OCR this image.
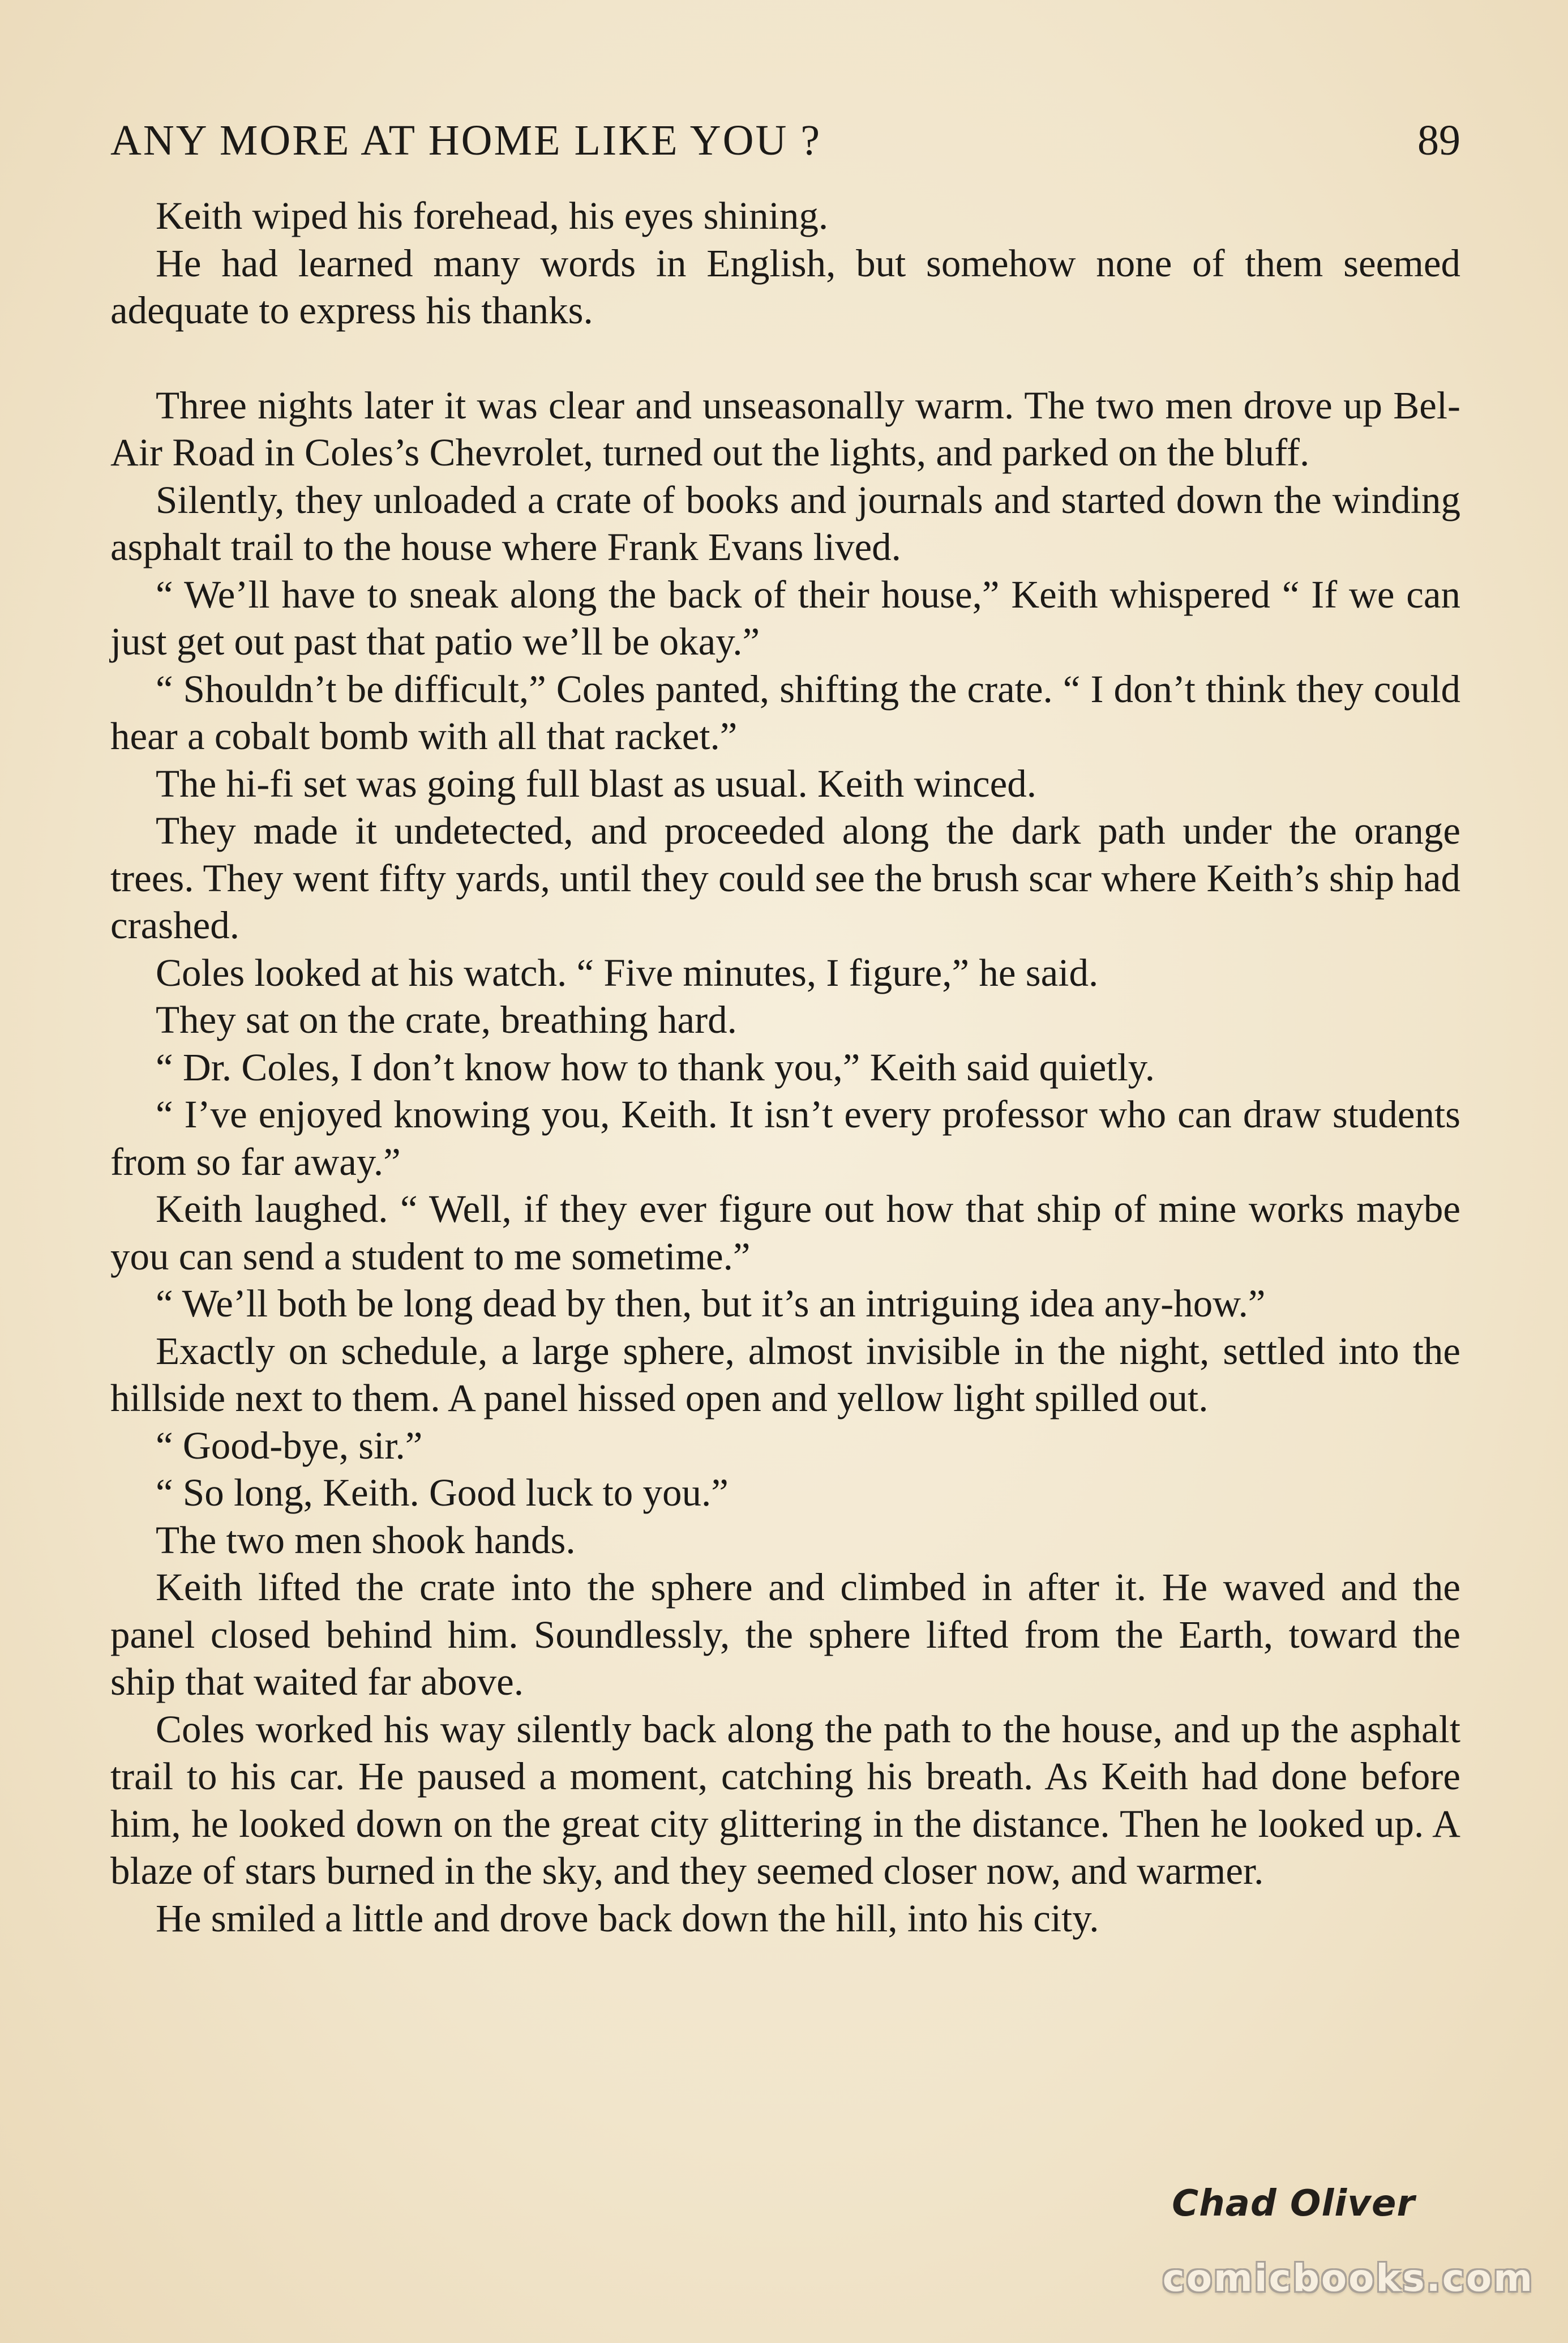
ANY MORE AT HOME LIKE YOU ?	89

Keith wiped his forehead, his eyes shining.

He had learned many words in English, but somehow none of them seemed adequate to express his thanks.

Three nights later it was clear and unseasonally warm. The two men drove up Bel-Air Road in Coles’s Chevrolet, turned out the lights, and parked on the bluff.

Silently, they unloaded a crate of books and journals and started down the winding asphalt trail to the house where Frank Evans lived.

“ We’ll have to sneak along the back of their house,” Keith whispered “ If we can just get out past that patio we’ll be okay.”

“ Shouldn’t be difficult,” Coles panted, shifting the crate. “ I don’t think they could hear a cobalt bomb with all that racket.”

The hi-fi set was going full blast as usual. Keith winced.

They made it undetected, and proceeded along the dark path under the orange trees. They went fifty yards, until they could see the brush scar where Keith’s ship had crashed.

Coles looked at his watch. “ Five minutes, I figure,” he said.

They sat on the crate, breathing hard.

“ Dr. Coles, I don’t know how to thank you,” Keith said quietly.

“ I’ve enjoyed knowing you, Keith. It isn’t every professor who can draw students from so far away.”

Keith laughed. “ Well, if they ever figure out how that ship of mine works maybe you can send a student to me sometime.”

“ We’ll both be long dead by then, but it’s an intriguing idea any-how.”

Exactly on schedule, a large sphere, almost invisible in the night, settled into the hillside next to them. A panel hissed open and yellow light spilled out.

“ Good-bye, sir.”

“ So long, Keith. Good luck to you.”

The two men shook hands.

Keith lifted the crate into the sphere and climbed in after it. He waved and the panel closed behind him. Soundlessly, the sphere lifted from the Earth, toward the ship that waited far above.

Coles worked his way silently back along the path to the house, and up the asphalt trail to his car. He paused a moment, catching his breath. As Keith had done before him, he looked down on the great city glittering in the distance. Then he looked up. A blaze of stars burned in the sky, and they seemed closer now, and warmer.

He smiled a little and drove back down the hill, into his city.

Chad Oliver
comicbooks.com
